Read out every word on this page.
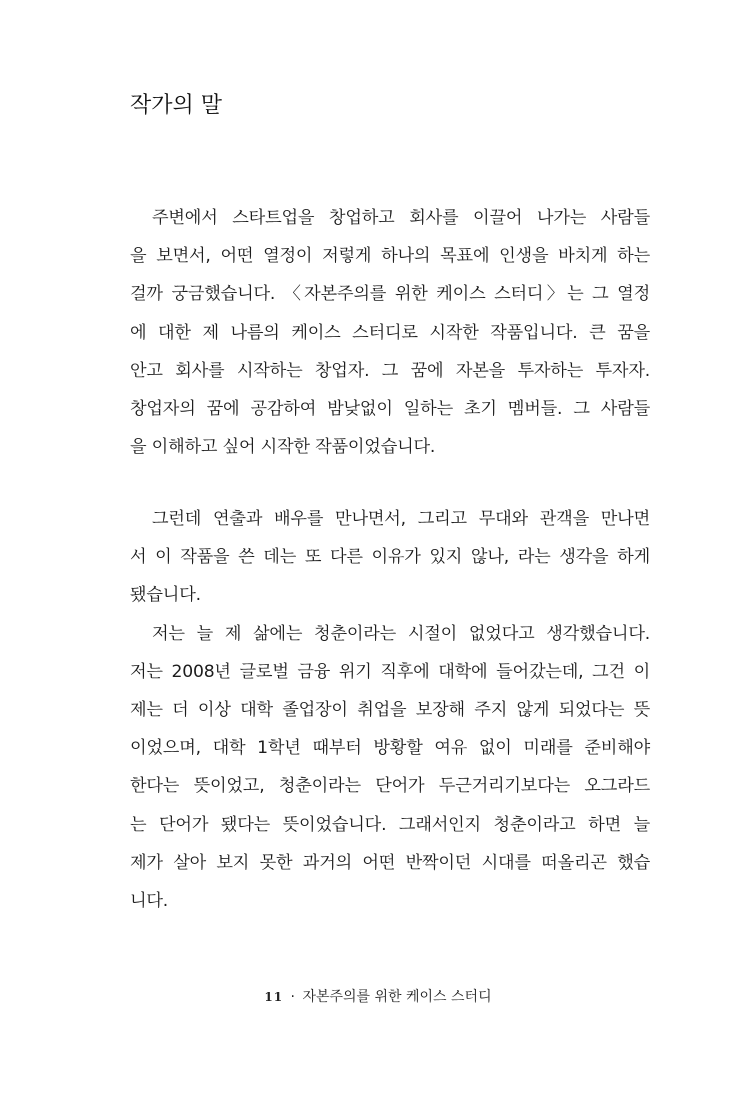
작가의 말
주변에서 스타트업을 창업하고 회사를 이끌어 나가는 사람들
을 보면서, 어떤 열정이 저렇게 하나의 목표에 인생을 바치게 하는
걸까 궁금했습니다. 〈자본주의를 위한 케이스 스터디〉는 그 열정
에 대한 제 나름의 케이스 스터디로 시작한 작품입니다. 큰 꿈을
안고 회사를 시작하는 창업자. 그 꿈에 자본을 투자하는 투자자.
창업자의 꿈에 공감하여 밤낮없이 일하는 초기 멤버들. 그 사람들
을 이해하고 싶어 시작한 작품이었습니다.
그런데 연출과 배우를 만나면서, 그리고 무대와 관객을 만나면
서 이 작품을 쓴 데는 또 다른 이유가 있지 않나, 라는 생각을 하게
됐습니다.
저는 늘 제 삶에는 청춘이라는 시절이 없었다고 생각했습니다.
저는 2008년 글로벌 금융 위기 직후에 대학에 들어갔는데, 그건 이
제는 더 이상 대학 졸업장이 취업을 보장해 주지 않게 되었다는 뜻
이었으며, 대학 1학년 때부터 방황할 여유 없이 미래를 준비해야
한다는 뜻이었고, 청춘이라는 단어가 두근거리기보다는 오그라드
는 단어가 됐다는 뜻이었습니다. 그래서인지 청춘이라고 하면 늘
제가 살아 보지 못한 과거의 어떤 반짝이던 시대를 떠올리곤 했습
니다.
11 · 자본주의를 위한 케이스 스터디
